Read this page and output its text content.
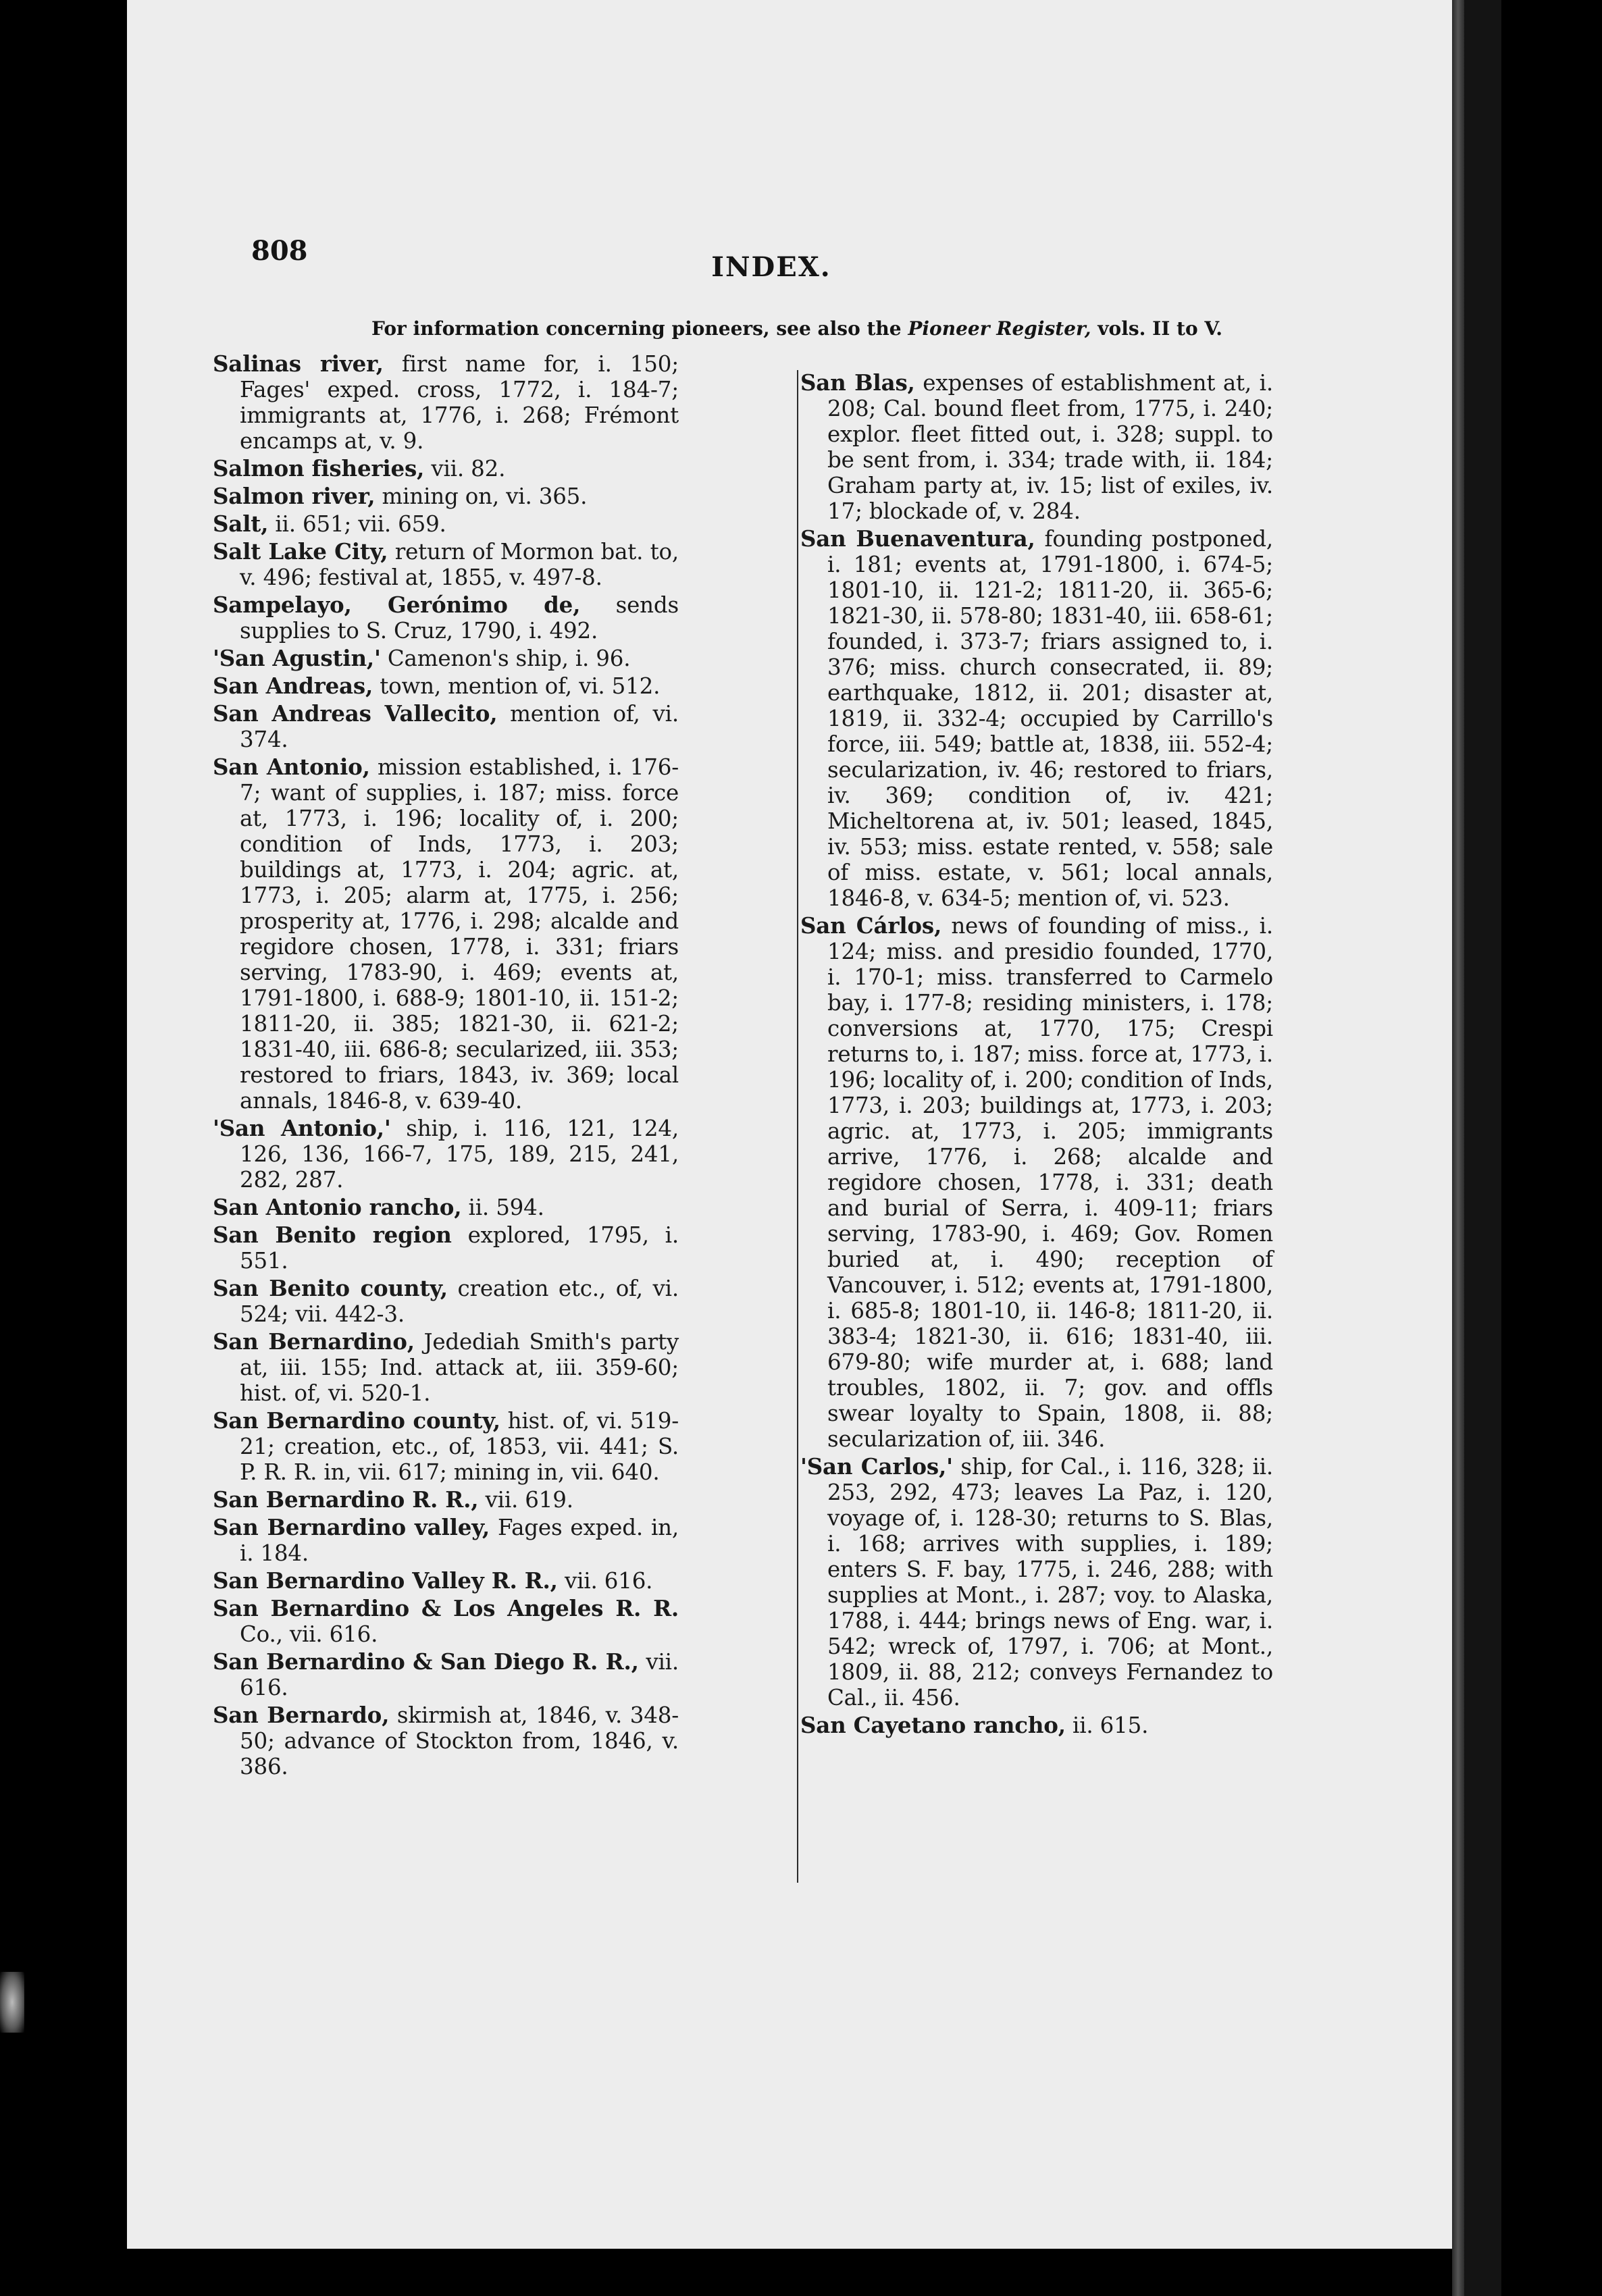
808
INDEX.
For information concerning pioneers, see also the Pioneer Register, vols. II to V.

Salinas river, first name for, i. 150; Fages' exped. cross, 1772, i. 184-7; immigrants at, 1776, i. 268; Frémont encamps at, v. 9.

Salmon fisheries, vii. 82.

Salmon river, mining on, vi. 365.

Salt, ii. 651; vii. 659.

Salt Lake City, return of Mormon bat. to, v. 496; festival at, 1855, v. 497-8.

Sampelayo, Gerónimo de, sends supplies to S. Cruz, 1790, i. 492.

'San Agustin,' Camenon's ship, i. 96.

San Andreas, town, mention of, vi. 512.

San Andreas Vallecito, mention of, vi. 374.

San Antonio, mission established, i. 176-7; want of supplies, i. 187; miss. force at, 1773, i. 196; locality of, i. 200; condition of Inds, 1773, i. 203; buildings at, 1773, i. 204; agric. at, 1773, i. 205; alarm at, 1775, i. 256; prosperity at, 1776, i. 298; alcalde and regidore chosen, 1778, i. 331; friars serving, 1783-90, i. 469; events at, 1791-1800, i. 688-9; 1801-10, ii. 151-2; 1811-20, ii. 385; 1821-30, ii. 621-2; 1831-40, iii. 686-8; secularized, iii. 353; restored to friars, 1843, iv. 369; local annals, 1846-8, v. 639-40.

'San Antonio,' ship, i. 116, 121, 124, 126, 136, 166-7, 175, 189, 215, 241, 282, 287.

San Antonio rancho, ii. 594.

San Benito region explored, 1795, i. 551.

San Benito county, creation etc., of, vi. 524; vii. 442-3.

San Bernardino, Jedediah Smith's party at, iii. 155; Ind. attack at, iii. 359-60; hist. of, vi. 520-1.

San Bernardino county, hist. of, vi. 519-21; creation, etc., of, 1853, vii. 441; S. P. R. R. in, vii. 617; mining in, vii. 640.

San Bernardino R. R., vii. 619.

San Bernardino valley, Fages exped. in, i. 184.

San Bernardino Valley R. R., vii. 616.

San Bernardino & Los Angeles R. R. Co., vii. 616.

San Bernardino & San Diego R. R., vii. 616.

San Bernardo, skirmish at, 1846, v. 348-50; advance of Stockton from, 1846, v. 386.

San Blas, expenses of establishment at, i. 208; Cal. bound fleet from, 1775, i. 240; explor. fleet fitted out, i. 328; suppl. to be sent from, i. 334; trade with, ii. 184; Graham party at, iv. 15; list of exiles, iv. 17; blockade of, v. 284.

San Buenaventura, founding postponed, i. 181; events at, 1791-1800, i. 674-5; 1801-10, ii. 121-2; 1811-20, ii. 365-6; 1821-30, ii. 578-80; 1831-40, iii. 658-61; founded, i. 373-7; friars assigned to, i. 376; miss. church consecrated, ii. 89; earthquake, 1812, ii. 201; disaster at, 1819, ii. 332-4; occupied by Carrillo's force, iii. 549; battle at, 1838, iii. 552-4; secularization, iv. 46; restored to friars, iv. 369; condition of, iv. 421; Micheltorena at, iv. 501; leased, 1845, iv. 553; miss. estate rented, v. 558; sale of miss. estate, v. 561; local annals, 1846-8, v. 634-5; mention of, vi. 523.

San Cárlos, news of founding of miss., i. 124; miss. and presidio founded, 1770, i. 170-1; miss. transferred to Carmelo bay, i. 177-8; residing ministers, i. 178; conversions at, 1770, 175; Crespi returns to, i. 187; miss. force at, 1773, i. 196; locality of, i. 200; condition of Inds, 1773, i. 203; buildings at, 1773, i. 203; agric. at, 1773, i. 205; immigrants arrive, 1776, i. 268; alcalde and regidore chosen, 1778, i. 331; death and burial of Serra, i. 409-11; friars serving, 1783-90, i. 469; Gov. Romen buried at, i. 490; reception of Vancouver, i. 512; events at, 1791-1800, i. 685-8; 1801-10, ii. 146-8; 1811-20, ii. 383-4; 1821-30, ii. 616; 1831-40, iii. 679-80; wife murder at, i. 688; land troubles, 1802, ii. 7; gov. and offls swear loyalty to Spain, 1808, ii. 88; secularization of, iii. 346.

'San Carlos,' ship, for Cal., i. 116, 328; ii. 253, 292, 473; leaves La Paz, i. 120, voyage of, i. 128-30; returns to S. Blas, i. 168; arrives with supplies, i. 189; enters S. F. bay, 1775, i. 246, 288; with supplies at Mont., i. 287; voy. to Alaska, 1788, i. 444; brings news of Eng. war, i. 542; wreck of, 1797, i. 706; at Mont., 1809, ii. 88, 212; conveys Fernandez to Cal., ii. 456.

San Cayetano rancho, ii. 615.
